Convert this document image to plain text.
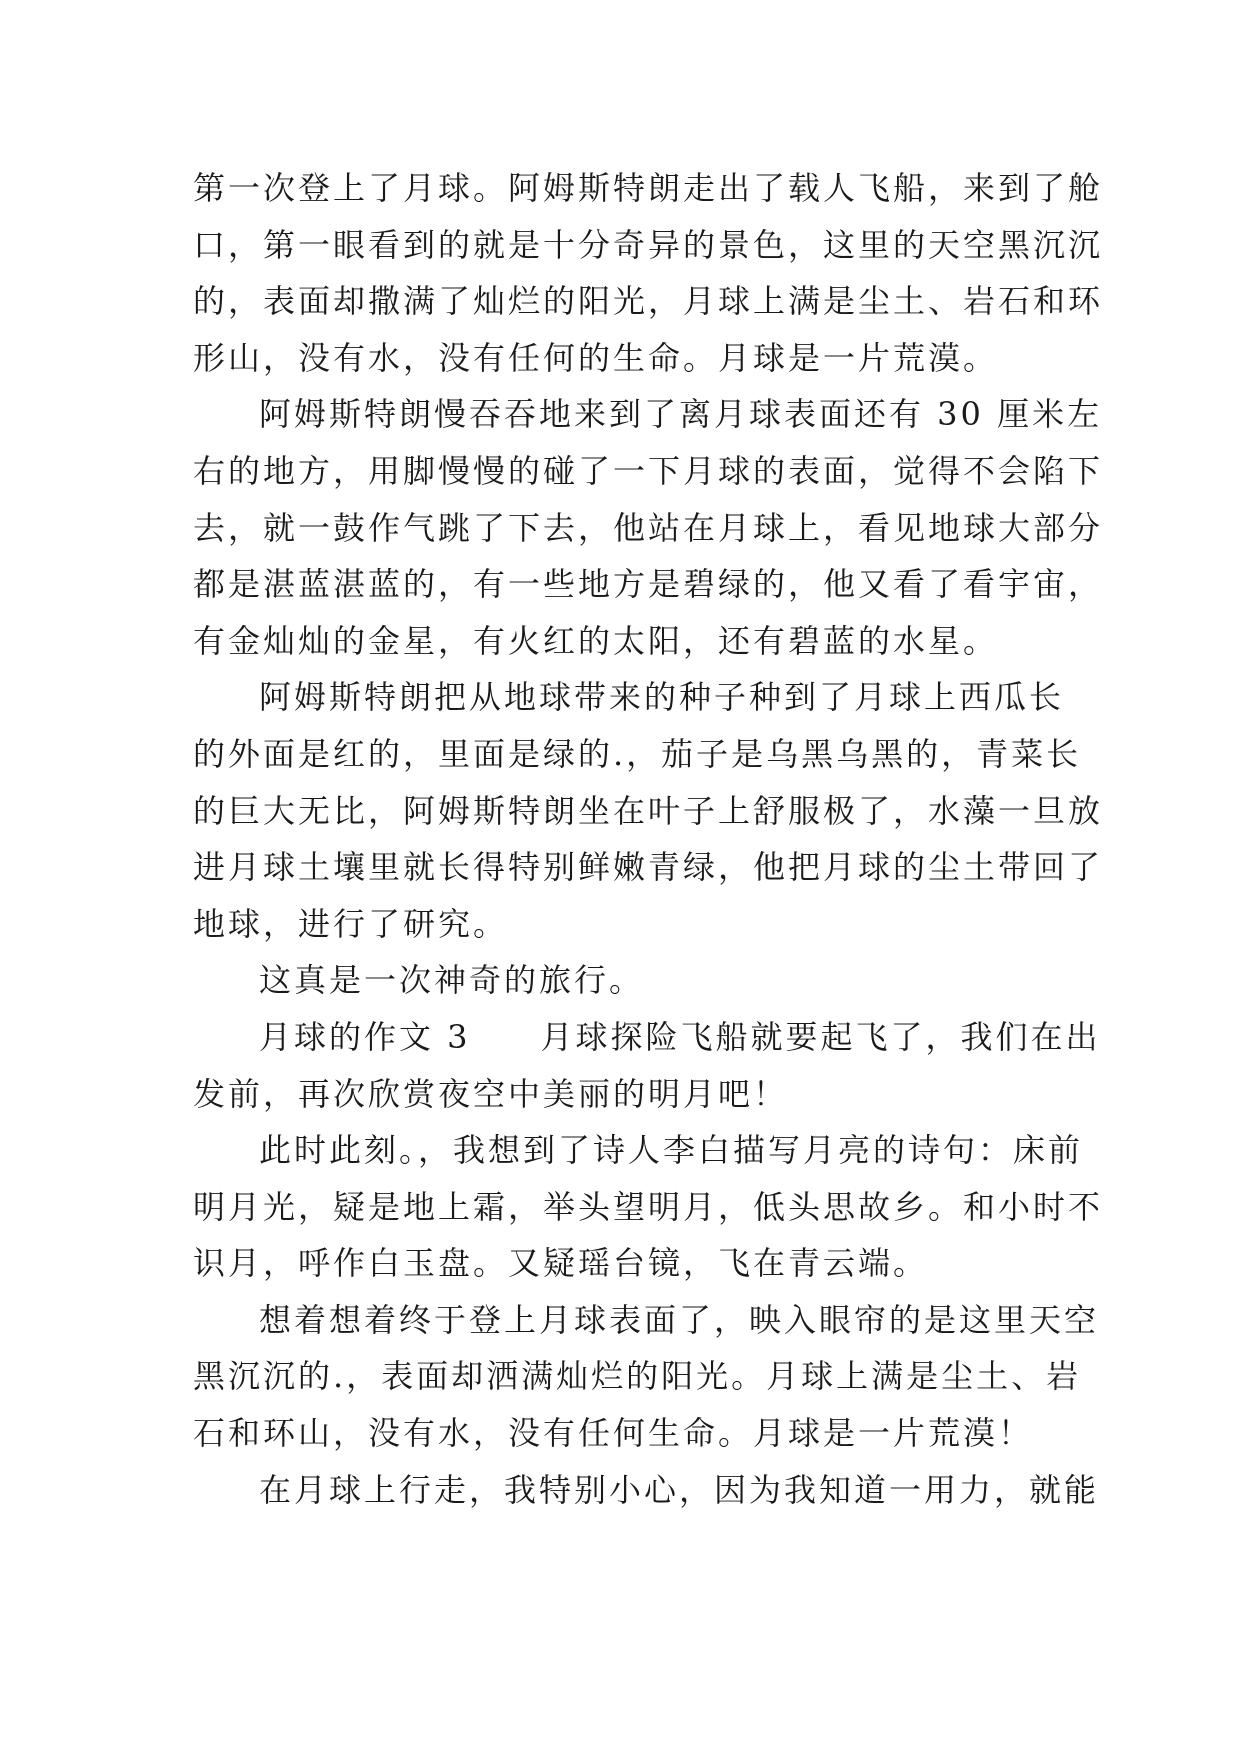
第一次登上了月球。阿姆斯特朗走出了载人飞船，来到了舱
口，第一眼看到的就是十分奇异的景色，这里的天空黑沉沉
的，表面却撒满了灿烂的阳光，月球上满是尘土、岩石和环
形山，没有水，没有任何的生命。月球是一片荒漠。
阿姆斯特朗慢吞吞地来到了离月球表面还有 30 厘米左
右的地方，用脚慢慢的碰了一下月球的表面，觉得不会陷下
去，就一鼓作气跳了下去，他站在月球上，看见地球大部分
都是湛蓝湛蓝的，有一些地方是碧绿的，他又看了看宇宙，
有金灿灿的金星，有火红的太阳，还有碧蓝的水星。
阿姆斯特朗把从地球带来的种子种到了月球上西瓜长
的外面是红的，里面是绿的.，茄子是乌黑乌黑的，青菜长
的巨大无比，阿姆斯特朗坐在叶子上舒服极了，水藻一旦放
进月球土壤里就长得特别鲜嫩青绿，他把月球的尘土带回了
地球，进行了研究。
这真是一次神奇的旅行。
月球的作文 3　　月球探险飞船就要起飞了，我们在出
发前，再次欣赏夜空中美丽的明月吧！
此时此刻。，我想到了诗人李白描写月亮的诗句：床前
明月光，疑是地上霜，举头望明月，低头思故乡。和小时不
识月，呼作白玉盘。又疑瑶台镜，飞在青云端。
想着想着终于登上月球表面了，映入眼帘的是这里天空
黑沉沉的.，表面却洒满灿烂的阳光。月球上满是尘土、岩
石和环山，没有水，没有任何生命。月球是一片荒漠！
在月球上行走，我特别小心，因为我知道一用力，就能
